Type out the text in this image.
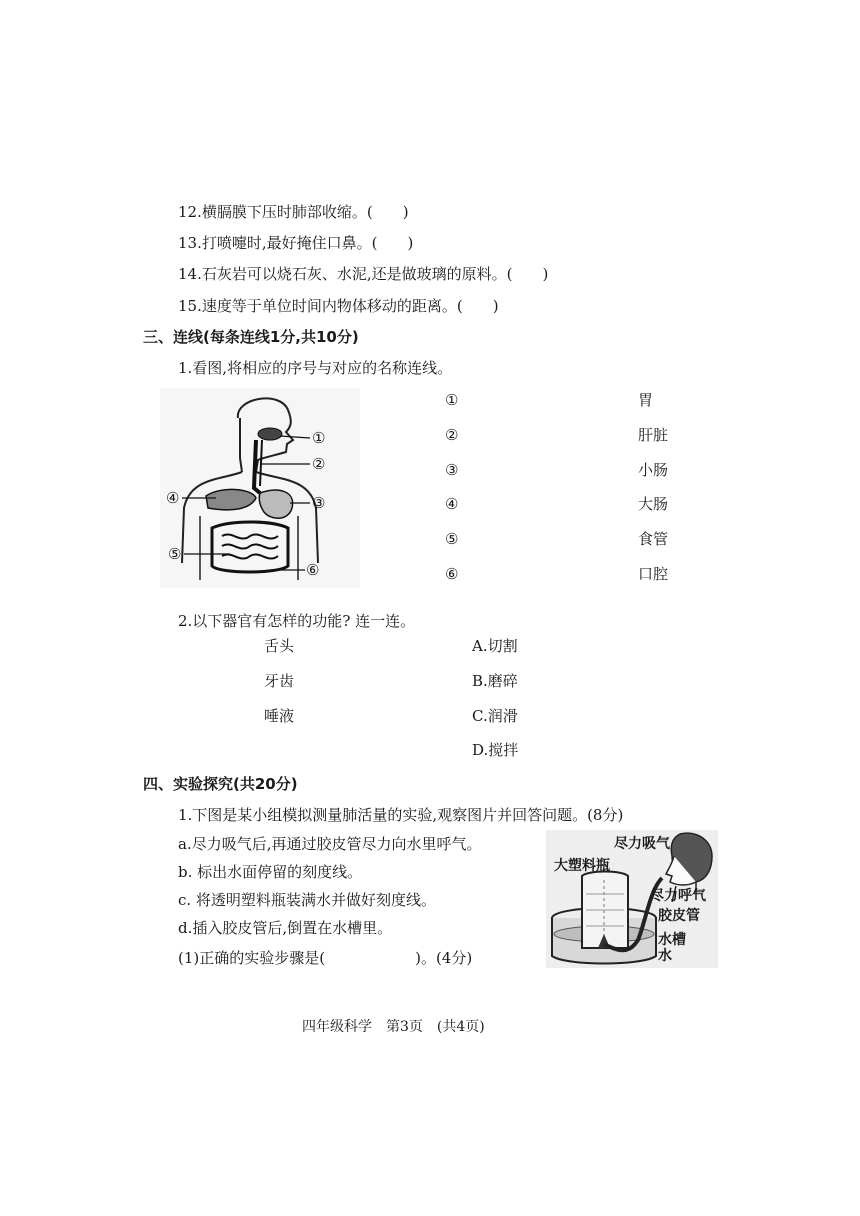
12.横膈膜下压时肺部收缩。(　　)
13.打喷嚏时,最好掩住口鼻。(　　)
14.石灰岩可以烧石灰、水泥,还是做玻璃的原料。(　　)
15.速度等于单位时间内物体移动的距离。(　　)
三、连线(每条连线1分,共10分)
1.看图,将相应的序号与对应的名称连线。
①
②
③
④
⑤
⑥
①
②
③
④
⑤
⑥
胃
肝脏
小肠
大肠
食管
口腔
2.以下器官有怎样的功能? 连一连。
舌头
牙齿
唾液
A.切割
B.磨碎
C.润滑
D.搅拌
四、实验探究(共20分)
1.下图是某小组模拟测量肺活量的实验,观察图片并回答问题。(8分)
a.尽力吸气后,再通过胶皮管尽力向水里呼气。
b. 标出水面停留的刻度线。
c. 将透明塑料瓶装满水并做好刻度线。
d.插入胶皮管后,倒置在水槽里。
(1)正确的实验步骤是(　　　　　　)。(4分)
尽力吸气
大塑料瓶
尽力呼气
胶皮管
水槽
水
四年级科学　第3页　(共4页)
